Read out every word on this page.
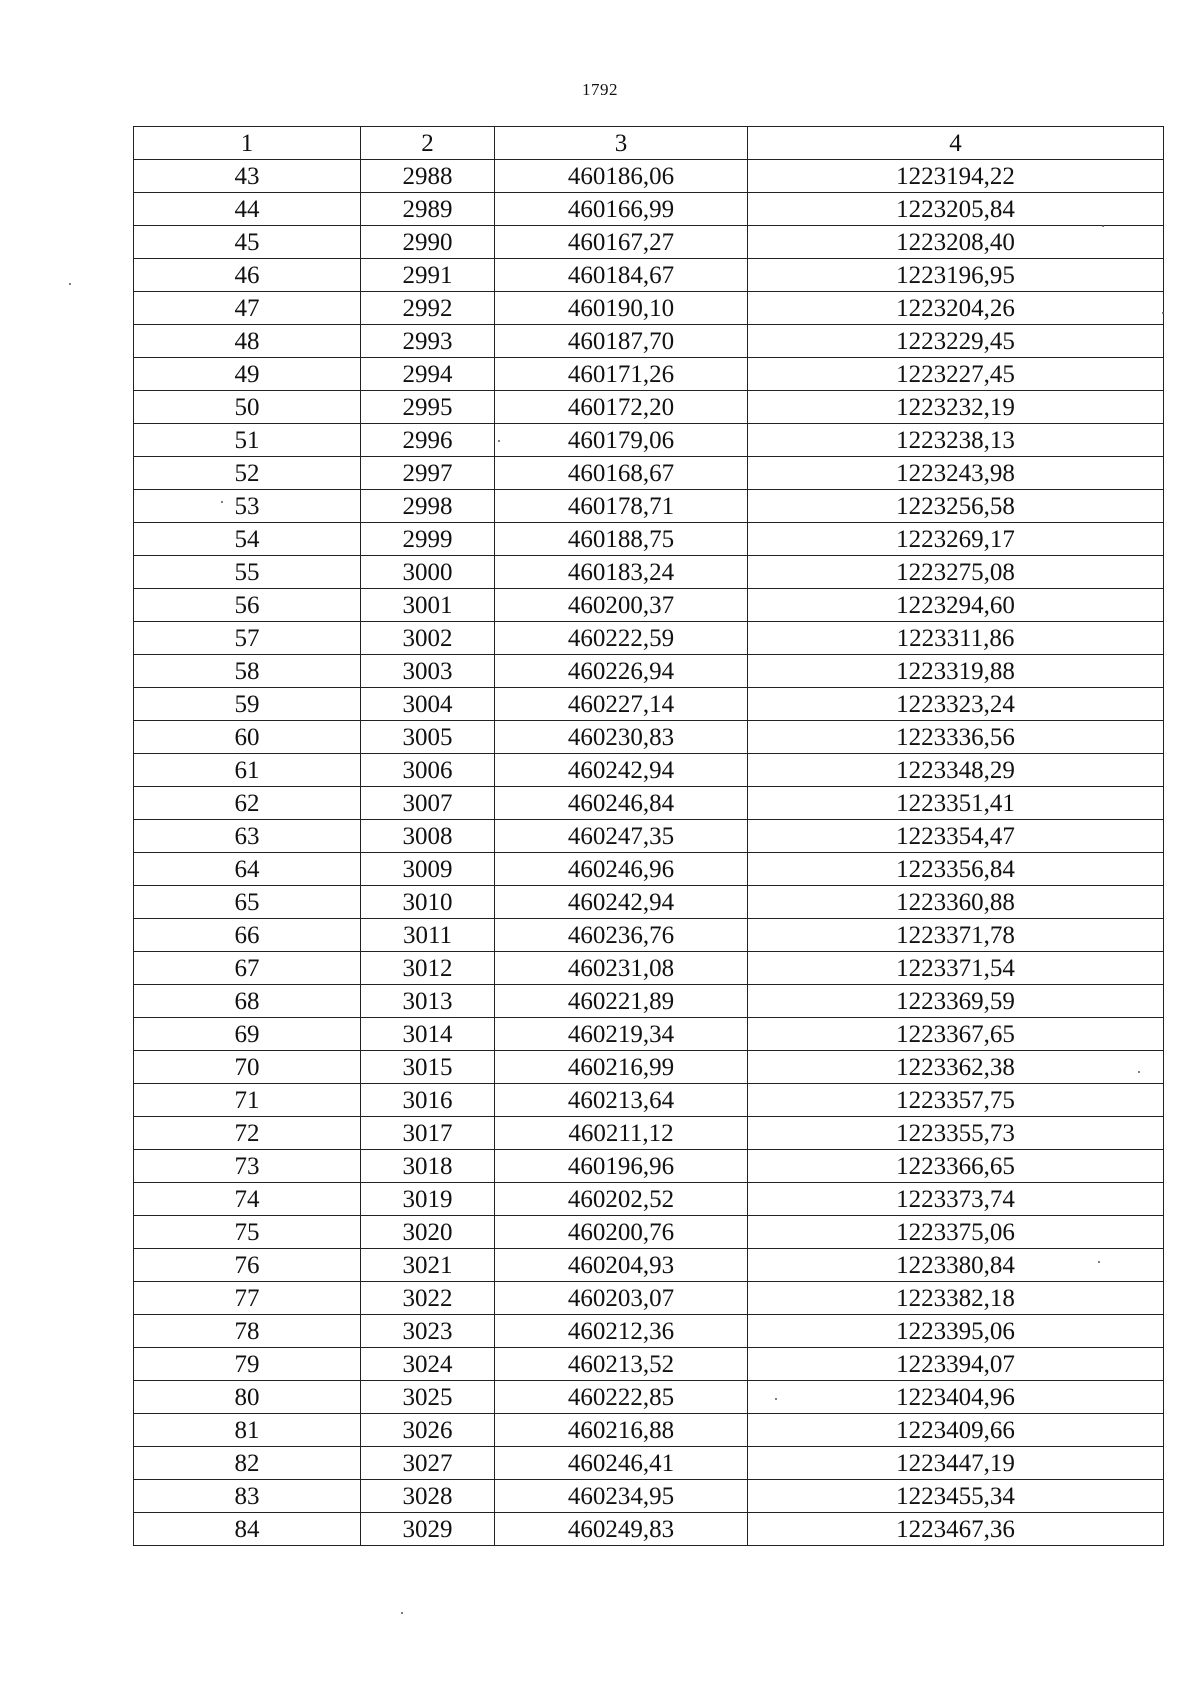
1792
1	2	3	4
43	2988	460186,06	1223194,22
44	2989	460166,99	1223205,84
45	2990	460167,27	1223208,40
46	2991	460184,67	1223196,95
47	2992	460190,10	1223204,26
48	2993	460187,70	1223229,45
49	2994	460171,26	1223227,45
50	2995	460172,20	1223232,19
51	2996	460179,06	1223238,13
52	2997	460168,67	1223243,98
53	2998	460178,71	1223256,58
54	2999	460188,75	1223269,17
55	3000	460183,24	1223275,08
56	3001	460200,37	1223294,60
57	3002	460222,59	1223311,86
58	3003	460226,94	1223319,88
59	3004	460227,14	1223323,24
60	3005	460230,83	1223336,56
61	3006	460242,94	1223348,29
62	3007	460246,84	1223351,41
63	3008	460247,35	1223354,47
64	3009	460246,96	1223356,84
65	3010	460242,94	1223360,88
66	3011	460236,76	1223371,78
67	3012	460231,08	1223371,54
68	3013	460221,89	1223369,59
69	3014	460219,34	1223367,65
70	3015	460216,99	1223362,38
71	3016	460213,64	1223357,75
72	3017	460211,12	1223355,73
73	3018	460196,96	1223366,65
74	3019	460202,52	1223373,74
75	3020	460200,76	1223375,06
76	3021	460204,93	1223380,84
77	3022	460203,07	1223382,18
78	3023	460212,36	1223395,06
79	3024	460213,52	1223394,07
80	3025	460222,85	1223404,96
81	3026	460216,88	1223409,66
82	3027	460246,41	1223447,19
83	3028	460234,95	1223455,34
84	3029	460249,83	1223467,36
